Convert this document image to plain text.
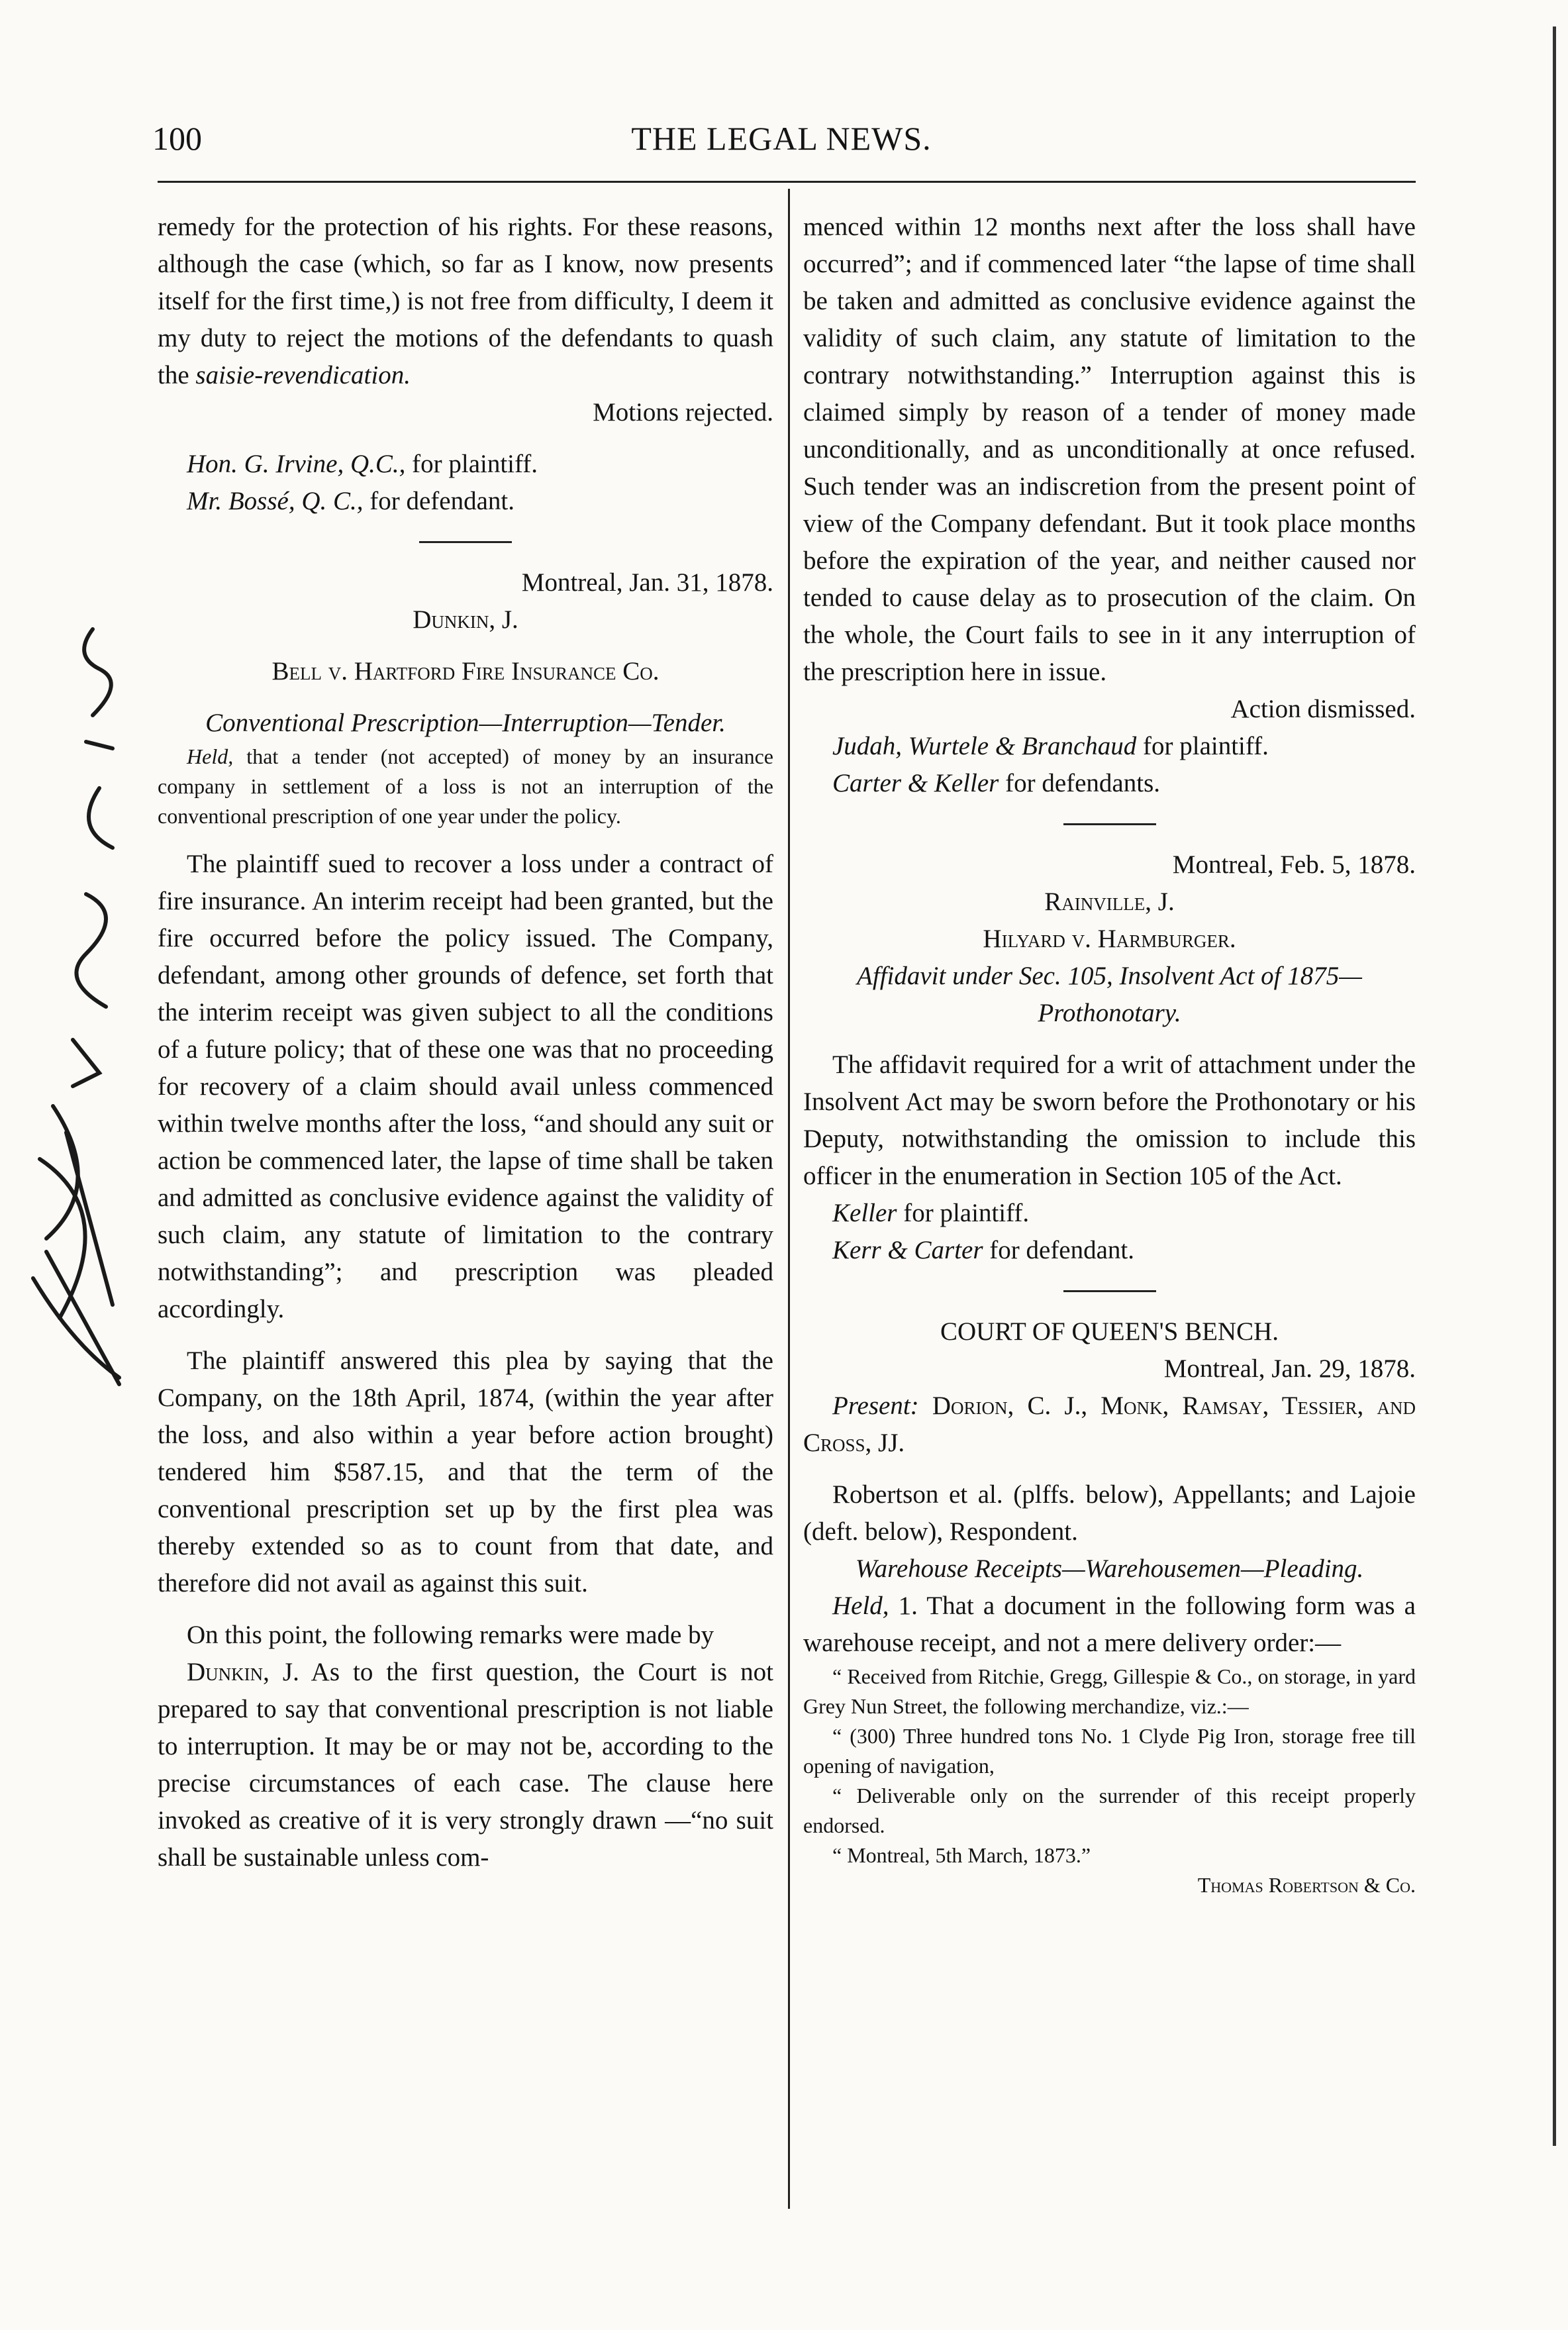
100	THE LEGAL NEWS.

remedy for the protection of his rights. For these reasons, although the case (which, so far as I know, now presents itself for the first time,) is not free from difficulty, I deem it my duty to reject the motions of the defendants to quash the saisie-revendication.

Motions rejected.

Hon. G. Irvine, Q.C., for plaintiff.

Mr. Bossé, Q. C., for defendant.

Montreal, Jan. 31, 1878.

Dunkin, J.

Bell v. Hartford Fire Insurance Co.

Conventional Prescription—Interruption—Tender.

Held, that a tender (not accepted) of money by an insurance company in settlement of a loss is not an interruption of the conventional prescription of one year under the policy.

The plaintiff sued to recover a loss under a contract of fire insurance. An interim receipt had been granted, but the fire occurred before the policy issued. The Company, defendant, among other grounds of defence, set forth that the interim receipt was given subject to all the conditions of a future policy; that of these one was that no proceeding for recovery of a claim should avail unless commenced within twelve months after the loss, “and should any suit or action be commenced later, the lapse of time shall be taken and admitted as conclusive evidence against the validity of such claim, any statute of limitation to the contrary notwithstanding”; and prescription was pleaded accordingly.

The plaintiff answered this plea by saying that the Company, on the 18th April, 1874, (within the year after the loss, and also within a year before action brought) tendered him $587.15, and that the term of the conventional prescription set up by the first plea was thereby extended so as to count from that date, and therefore did not avail as against this suit.

On this point, the following remarks were made by

Dunkin, J. As to the first question, the Court is not prepared to say that conventional prescription is not liable to interruption. It may be or may not be, according to the precise circumstances of each case. The clause here invoked as creative of it is very strongly drawn —“no suit shall be sustainable unless com-

menced within 12 months next after the loss shall have occurred”; and if commenced later “the lapse of time shall be taken and admitted as conclusive evidence against the validity of such claim, any statute of limitation to the contrary notwithstanding.” Interruption against this is claimed simply by reason of a tender of money made unconditionally, and as unconditionally at once refused. Such tender was an indiscretion from the present point of view of the Company defendant. But it took place months before the expiration of the year, and neither caused nor tended to cause delay as to prosecution of the claim. On the whole, the Court fails to see in it any interruption of the prescription here in issue.

Action dismissed.

Judah, Wurtele & Branchaud for plaintiff.

Carter & Keller for defendants.

Montreal, Feb. 5, 1878.

Rainville, J.

Hilyard v. Harmburger.

Affidavit under Sec. 105, Insolvent Act of 1875— Prothonotary.

The affidavit required for a writ of attachment under the Insolvent Act may be sworn before the Prothonotary or his Deputy, notwithstanding the omission to include this officer in the enumeration in Section 105 of the Act.

Keller for plaintiff.

Kerr & Carter for defendant.

COURT OF QUEEN'S BENCH.

Montreal, Jan. 29, 1878.

Present: Dorion, C. J., Monk, Ramsay, Tessier, and Cross, JJ.

Robertson et al. (plffs. below), Appellants; and Lajoie (deft. below), Respondent.

Warehouse Receipts—Warehousemen—Pleading.

Held, 1. That a document in the following form was a warehouse receipt, and not a mere delivery order:—

“ Received from Ritchie, Gregg, Gillespie & Co., on storage, in yard Grey Nun Street, the following merchandize, viz.:—

“ (300) Three hundred tons No. 1 Clyde Pig Iron, storage free till opening of navigation,

“ Deliverable only on the surrender of this receipt properly endorsed.

“ Montreal, 5th March, 1873.”

Thomas Robertson & Co.
